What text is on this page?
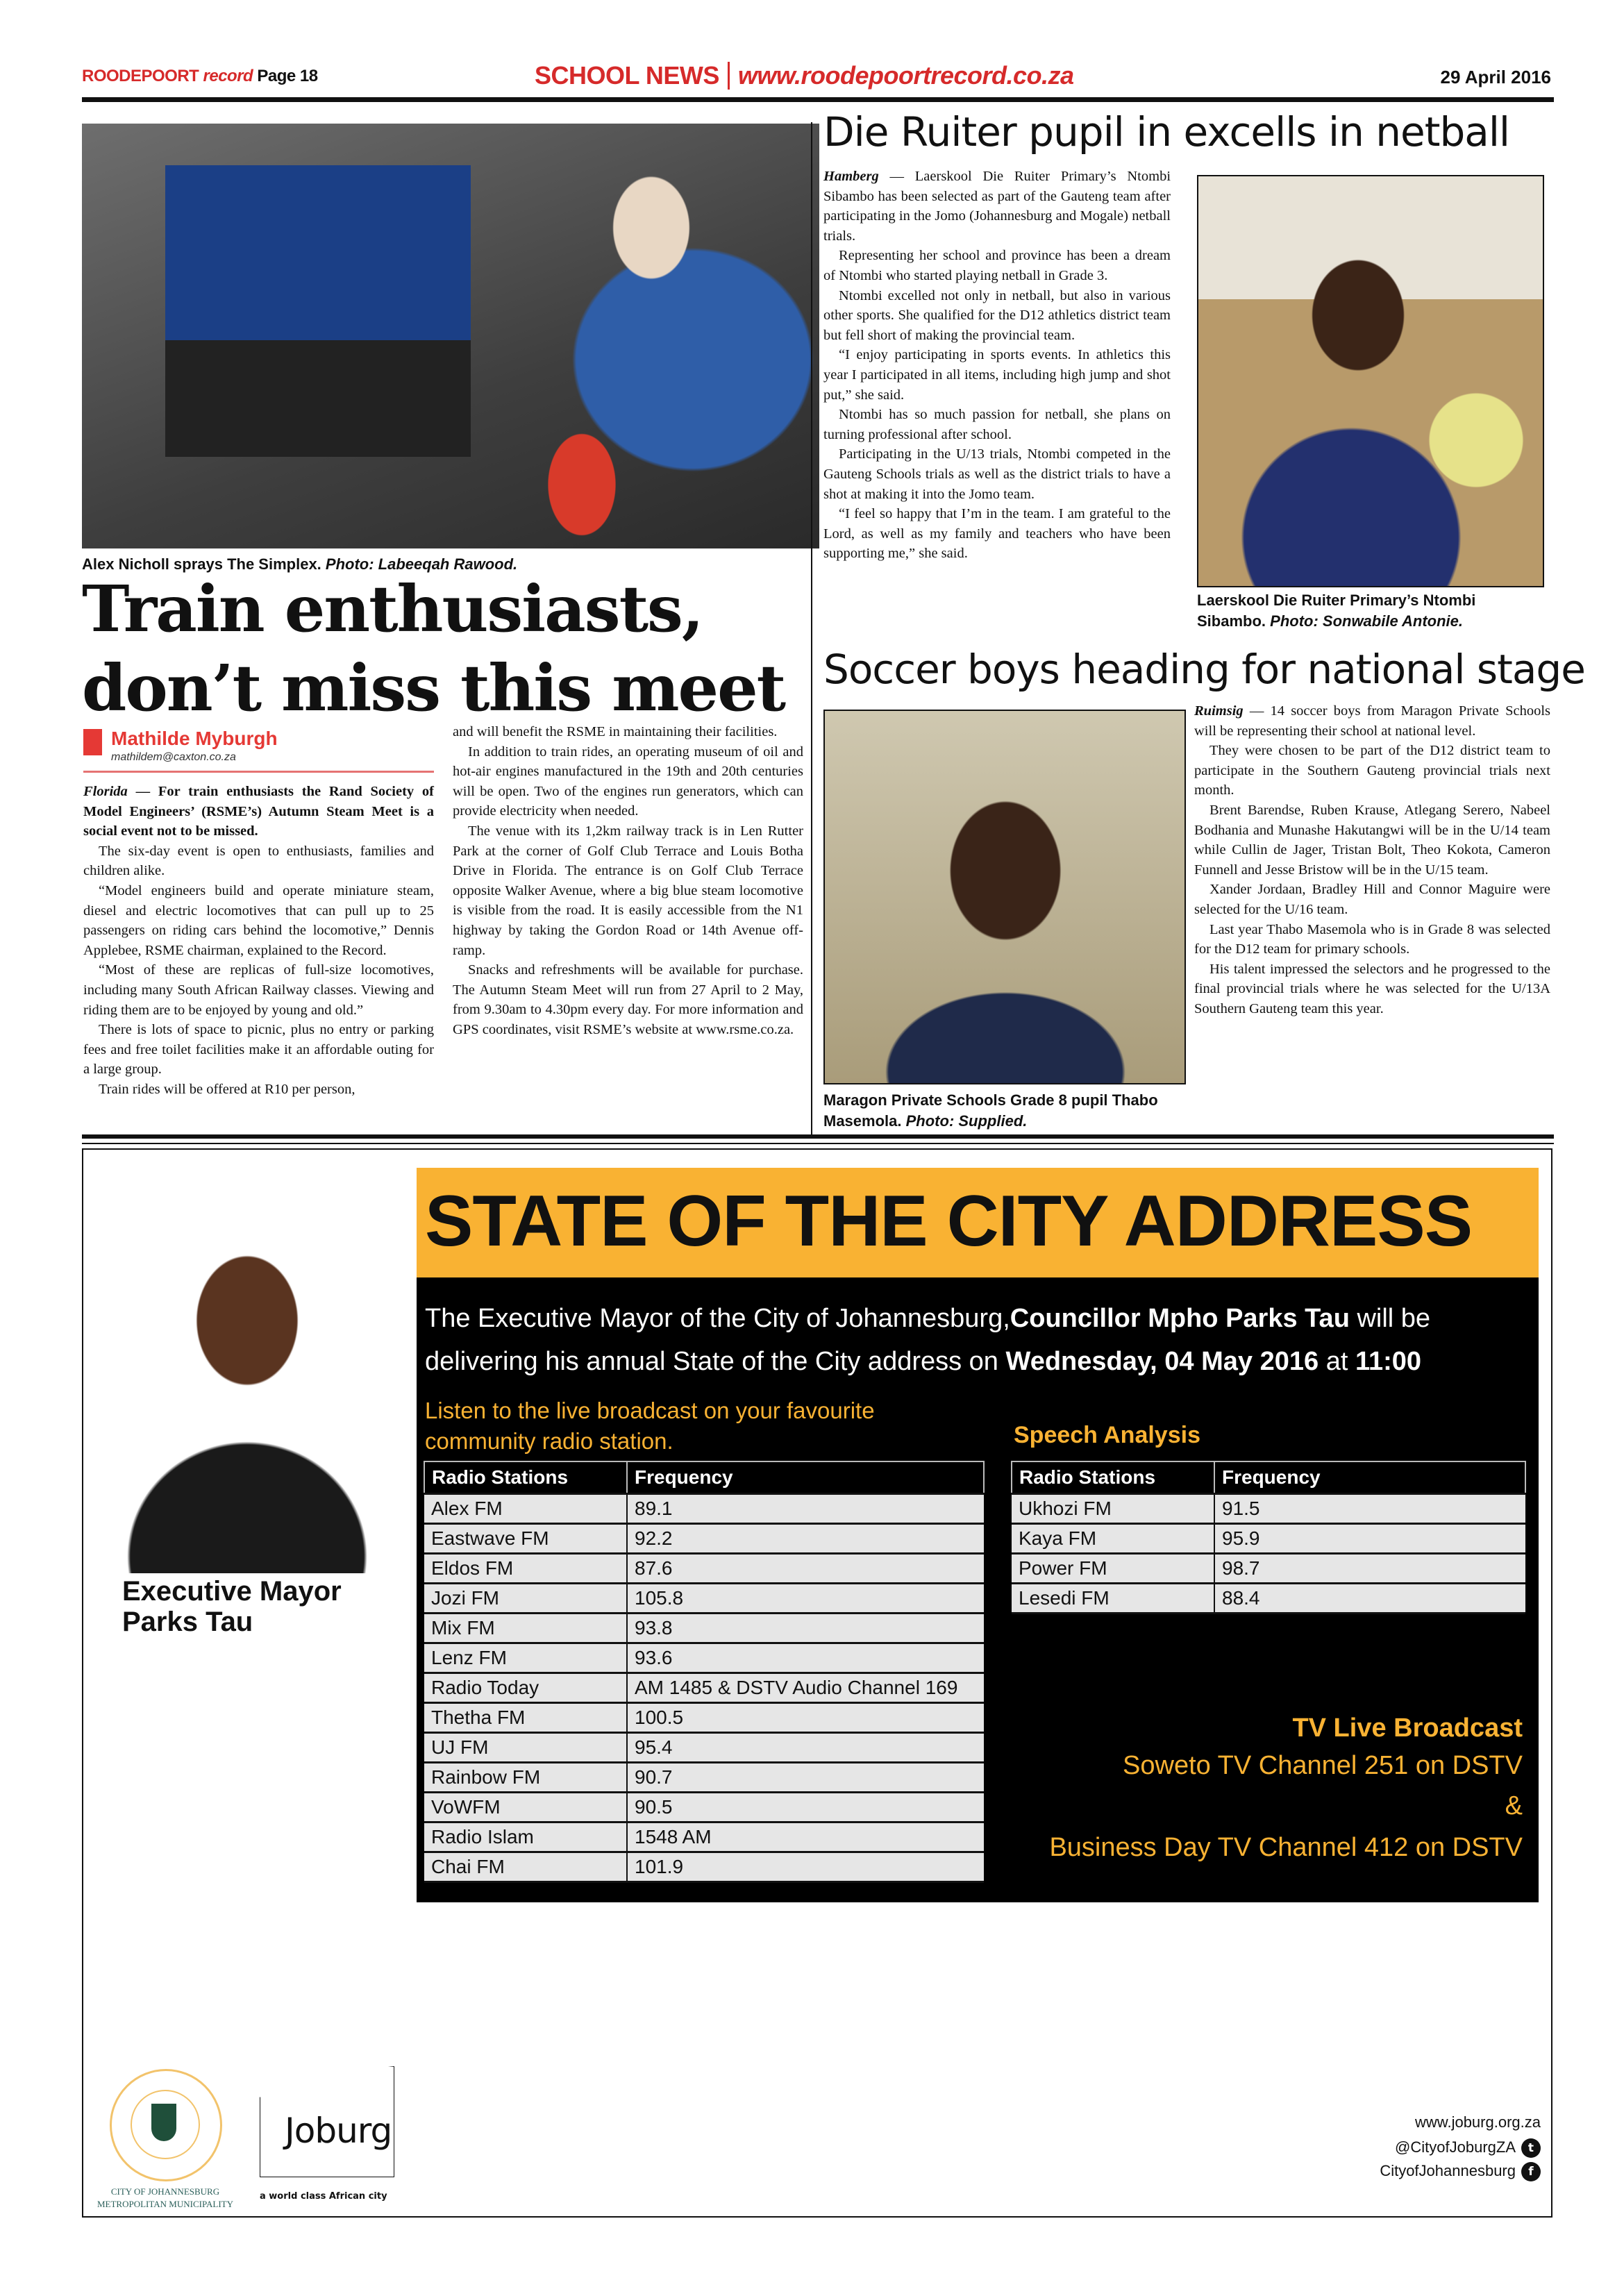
ROODEPOORT record Page 18	SCHOOL NEWS www.roodepoortrecord.co.za	29 April 2016
Alex Nicholl sprays The Simplex. Photo: Labeeqah Rawood.
Train enthusiasts,
don’t miss this meet
Mathilde Myburgh
mathildem@caxton.co.za

Florida — For train enthusiasts the Rand Society of Model Engineers’ (RSME’s) Autumn Steam Meet is a social event not to be missed.

The six-day event is open to enthusiasts, families and children alike.

“Model engineers build and operate miniature steam, diesel and electric locomotives that can pull up to 25 passengers on riding cars behind the locomotive,” Dennis Applebee, RSME chairman, explained to the Record.

“Most of these are replicas of full-size locomotives, including many South African Railway classes. Viewing and riding them are to be enjoyed by young and old.”

There is lots of space to picnic, plus no entry or parking fees and free toilet facilities make it an affordable outing for a large group.

Train rides will be offered at R10 per person,

and will benefit the RSME in maintaining their facilities.

In addition to train rides, an operating museum of oil and hot-air engines manufactured in the 19th and 20th centuries will be open. Two of the engines run generators, which can provide electricity when needed.

The venue with its 1,2km railway track is in Len Rutter Park at the corner of Golf Club Terrace and Louis Botha Drive in Florida. The entrance is on Golf Club Terrace opposite Walker Avenue, where a big blue steam locomotive is visible from the road. It is easily accessible from the N1 highway by taking the Gordon Road or 14th Avenue off-ramp.

Snacks and refreshments will be available for purchase. The Autumn Steam Meet will run from 27 April to 2 May, from 9.30am to 4.30pm every day. For more information and GPS coordinates, visit RSME’s website at www.rsme.co.za.

Die Ruiter pupil in excells in netball

Hamberg — Laerskool Die Ruiter Primary’s Ntombi Sibambo has been selected as part of the Gauteng team after participating in the Jomo (Johannesburg and Mogale) netball trials.

Representing her school and province has been a dream of Ntombi who started playing netball in Grade 3.

Ntombi excelled not only in netball, but also in various other sports. She qualified for the D12 athletics district team but fell short of making the provincial team.

“I enjoy participating in sports events. In athletics this year I participated in all items, including high jump and shot put,” she said.

Ntombi has so much passion for netball, she plans on turning professional after school.

Participating in the U/13 trials, Ntombi competed in the Gauteng Schools trials as well as the district trials to have a shot at making it into the Jomo team.

“I feel so happy that I’m in the team. I am grateful to the Lord, as well as my family and teachers who have been supporting me,” she said.

Laerskool Die Ruiter Primary’s Ntombi Sibambo. Photo: Sonwabile Antonie.
Soccer boys heading for national stage
Maragon Private Schools Grade 8 pupil Thabo Masemola. Photo: Supplied.

Ruimsig — 14 soccer boys from Maragon Private Schools will be representing their school at national level.

They were chosen to be part of the D12 district team to participate in the Southern Gauteng provincial trials next month.

Brent Barendse, Ruben Krause, Atlegang Serero, Nabeel Bodhania and Munashe Hakutangwi will be in the U/14 team while Cullin de Jager, Tristan Bolt, Theo Kokota, Cameron Funnell and Jesse Bristow will be in the U/15 team.

Xander Jordaan, Bradley Hill and Connor Maguire were selected for the U/16 team.

Last year Thabo Masemola who is in Grade 8 was selected for the D12 team for primary schools.

His talent impressed the selectors and he progressed to the final provincial trials where he was selected for the U/13A Southern Gauteng team this year.

STATE OF THE CITY ADDRESS
Executive Mayor
Parks Tau
The Executive Mayor of the City of Johannesburg,Councillor Mpho Parks Tau will be delivering his annual State of the City address on Wednesday, 04 May 2016 at 11:00
Listen to the live broadcast on your favourite
community radio station.	Speech Analysis
Radio Stations	Frequency
Alex FM	89.1
Eastwave FM	92.2
Eldos FM	87.6
Jozi FM	105.8
Mix FM	93.8
Lenz FM	93.6
Radio Today	AM 1485 & DSTV Audio Channel 169
Thetha FM	100.5
UJ FM	95.4
Rainbow FM	90.7
VoWFM	90.5
Radio Islam	1548 AM
Chai FM	101.9
Radio Stations	Frequency
Ukhozi FM	91.5
Kaya FM	95.9
Power FM	98.7
Lesedi FM	88.4
TV Live Broadcast
Soweto TV Channel 251 on DSTV
&
Business Day TV Channel 412 on DSTV
CITY OF JOHANNESBURG
METROPOLITAN MUNICIPALITY
Joburg
a world class African city
www.joburg.org.za
@CityofJoburgZA	t
CityofJohannesburg	f
